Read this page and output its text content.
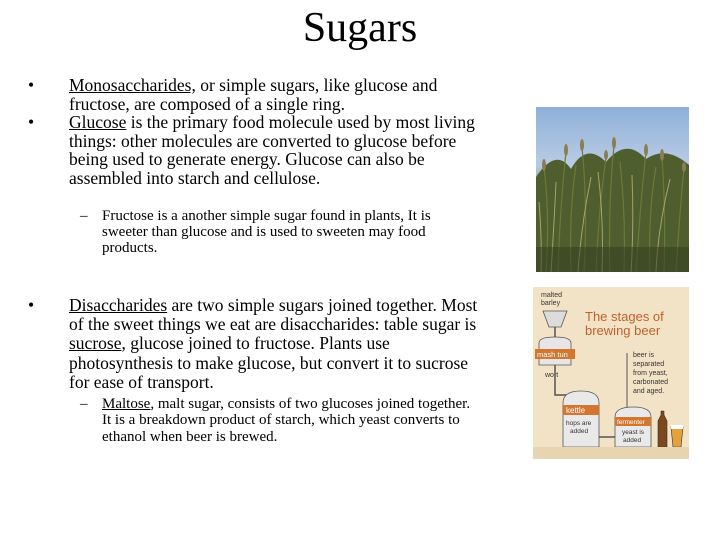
Sugars

•	Monosaccharides, or simple sugars, like glucose and fructose, are composed of a single ring.

•	Glucose is the primary food molecule used by most living things: other molecules are converted to glucose before being used to generate energy. Glucose can also be assembled into starch and cellulose.

– Fructose is a another simple sugar found in plants, It is sweeter than glucose and is used to sweeten may food products.

•	Disaccharides are two simple sugars joined together. Most of the sweet things we eat are disaccharides: table sugar is sucrose, glucose joined to fructose. Plants use photosynthesis to make glucose, but convert it to sucrose for ease of transport.

– Maltose, malt sugar, consists of two glucoses joined together. It is a breakdown product of starch, which yeast converts to ethanol when beer is brewed.

The stages of
brewing beer
malted
barley
mash tun
wort
kettle
hops are
added
fermenter
yeast is
added
beer is
separated
from yeast,
carbonated
and aged.
